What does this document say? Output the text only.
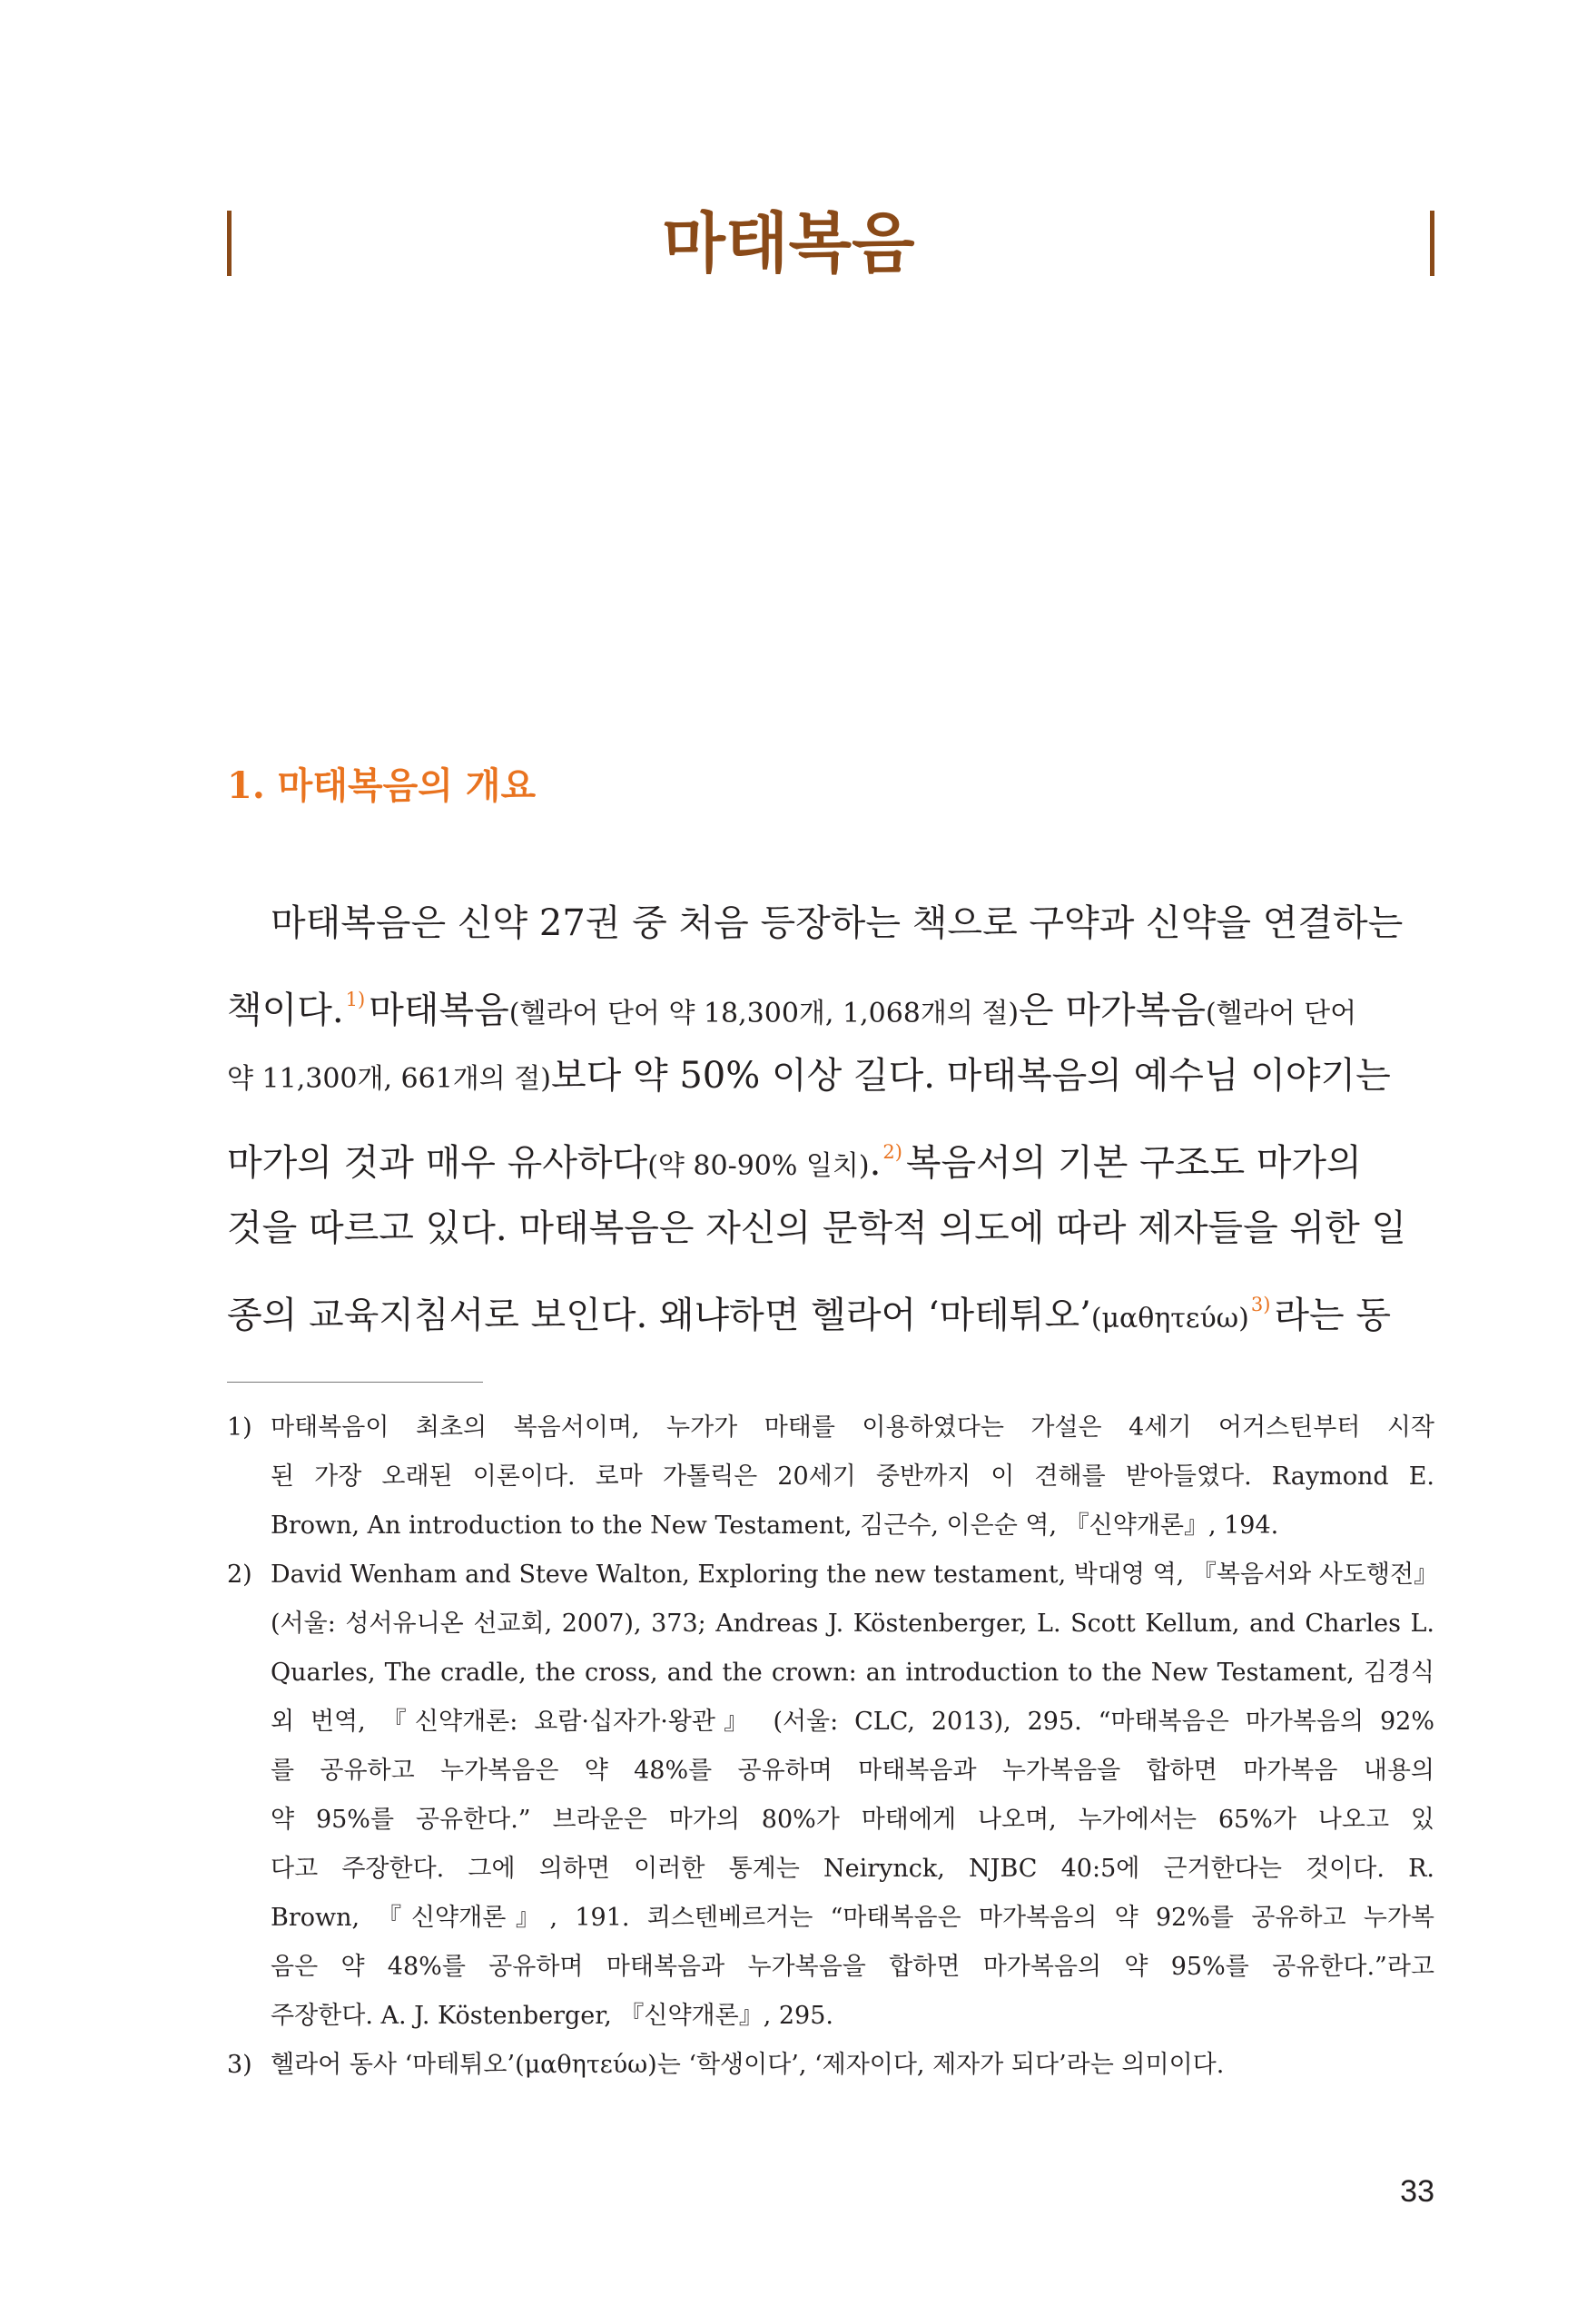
마태복음
1. 마태복음의 개요
마태복음은 신약 27권 중 처음 등장하는 책으로 구약과 신약을 연결하는
책이다.$^{1)}$ 마태복음(헬라어 단어 약 18,300개, 1,068개의 절)은 마가복음(헬라어 단어
약 11,300개, 661개의 절)보다 약 50% 이상 길다. 마태복음의 예수님 이야기는
마가의 것과 매우 유사하다(약 80-90% 일치).$^{2)}$ 복음서의 기본 구조도 마가의
것을 따르고 있다. 마태복음은 자신의 문학적 의도에 따라 제자들을 위한 일
종의 교육지침서로 보인다. 왜냐하면 헬라어 ‘마테튀오’(μαθητεύω)$^{3)}$ 라는 동
1) 마태복음이 최초의 복음서이며, 누가가 마태를 이용하였다는 가설은 4세기 어거스틴부터 시작
된 가장 오래된 이론이다. 로마 가톨릭은 20세기 중반까지 이 견해를 받아들였다. Raymond E.
Brown, An introduction to the New Testament, 김근수, 이은순 역, 『신약개론』, 194.
2) David Wenham and Steve Walton, Exploring the new testament, 박대영 역, 『복음서와 사도행전』
(서울: 성서유니온 선교회, 2007), 373; Andreas J. Köstenberger, L. Scott Kellum, and Charles L.
Quarles, The cradle, the cross, and the crown: an introduction to the New Testament, 김경식
외 번역, 『신약개론: 요람·십자가·왕관』 (서울: CLC, 2013), 295. “마태복음은 마가복음의 92%
를 공유하고 누가복음은 약 48%를 공유하며 마태복음과 누가복음을 합하면 마가복음 내용의
약 95%를 공유한다.” 브라운은 마가의 80%가 마태에게 나오며, 누가에서는 65%가 나오고 있
다고 주장한다. 그에 의하면 이러한 통계는 Neirynck, NJBC 40:5에 근거한다는 것이다. R.
Brown, 『신약개론』, 191. 쾨스텐베르거는 “마태복음은 마가복음의 약 92%를 공유하고 누가복
음은 약 48%를 공유하며 마태복음과 누가복음을 합하면 마가복음의 약 95%를 공유한다.”라고
주장한다. A. J. Köstenberger, 『신약개론』, 295.
3) 헬라어 동사 ‘마테튀오’(μαθητεύω)는 ‘학생이다’, ‘제자이다, 제자가 되다’라는 의미이다.
33
